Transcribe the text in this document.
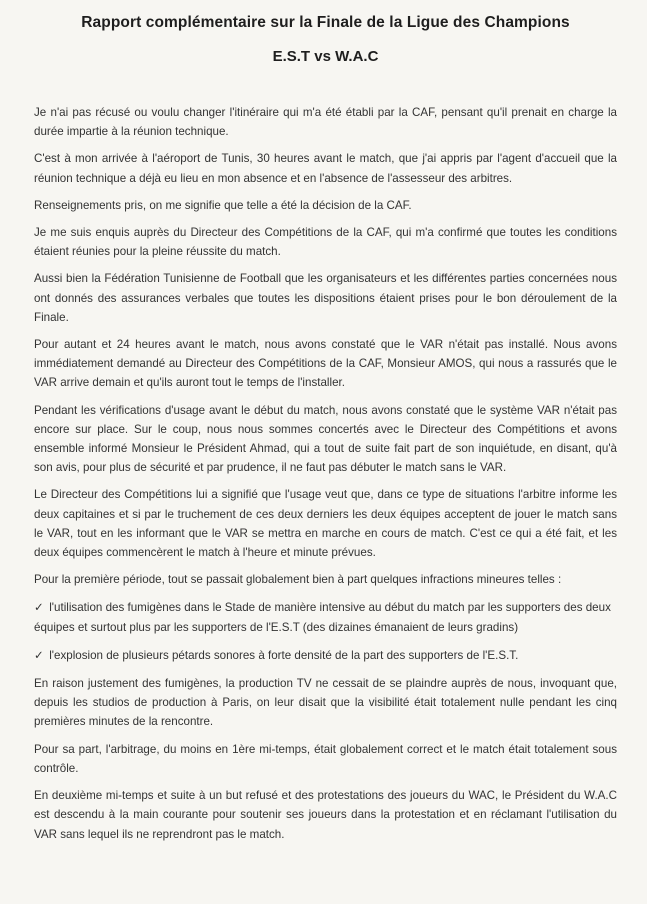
Rapport complémentaire sur la Finale de la Ligue des Champions
E.S.T vs W.A.C

Je n'ai pas récusé ou voulu changer l'itinéraire qui m'a été établi par la CAF, pensant qu'il prenait en charge la durée impartie à la réunion technique.

C'est à mon arrivée à l'aéroport de Tunis, 30 heures avant le match, que j'ai appris par l'agent d'accueil que la réunion technique a déjà eu lieu en mon absence et en l'absence de l'assesseur des arbitres.

Renseignements pris, on me signifie que telle a été la décision de la CAF.

Je me suis enquis auprès du Directeur des Compétitions de la CAF, qui m'a confirmé que toutes les conditions étaient réunies pour la pleine réussite du match.

Aussi bien la Fédération Tunisienne de Football que les organisateurs et les différentes parties concernées nous ont donnés des assurances verbales que toutes les dispositions étaient prises pour le bon déroulement de la Finale.

Pour autant et 24 heures avant le match, nous avons constaté que le VAR n'était pas installé. Nous avons immédiatement demandé au Directeur des Compétitions de la CAF, Monsieur AMOS, qui nous a rassurés que le VAR arrive demain et qu'ils auront tout le temps de l'installer.

Pendant les vérifications d'usage avant le début du match, nous avons constaté que le système VAR n'était pas encore sur place. Sur le coup, nous nous sommes concertés avec le Directeur des Compétitions et avons ensemble informé Monsieur le Président Ahmad, qui a tout de suite fait part de son inquiétude, en disant, qu'à son avis, pour plus de sécurité et par prudence, il ne faut pas débuter le match sans le VAR.

Le Directeur des Compétitions lui a signifié que l'usage veut que, dans ce type de situations l'arbitre informe les deux capitaines et si par le truchement de ces deux derniers les deux équipes acceptent de jouer le match sans le VAR, tout en les informant que le VAR se mettra en marche en cours de match. C'est ce qui a été fait, et les deux équipes commencèrent le match à l'heure et minute prévues.

Pour la première période, tout se passait globalement bien à part quelques infractions mineures telles :

✓ l'utilisation des fumigènes dans le Stade de manière intensive au début du match par les supporters des deux équipes et surtout plus par les supporters de l'E.S.T (des dizaines émanaient de leurs gradins)

✓ l'explosion de plusieurs pétards sonores à forte densité de la part des supporters de l'E.S.T.

En raison justement des fumigènes, la production TV ne cessait de se plaindre auprès de nous, invoquant que, depuis les studios de production à Paris, on leur disait que la visibilité était totalement nulle pendant les cinq premières minutes de la rencontre.

Pour sa part, l'arbitrage, du moins en 1ère mi-temps, était globalement correct et le match était totalement sous contrôle.

En deuxième mi-temps et suite à un but refusé et des protestations des joueurs du WAC, le Président du W.A.C est descendu à la main courante pour soutenir ses joueurs dans la protestation et en réclamant l'utilisation du VAR sans lequel ils ne reprendront pas le match.
